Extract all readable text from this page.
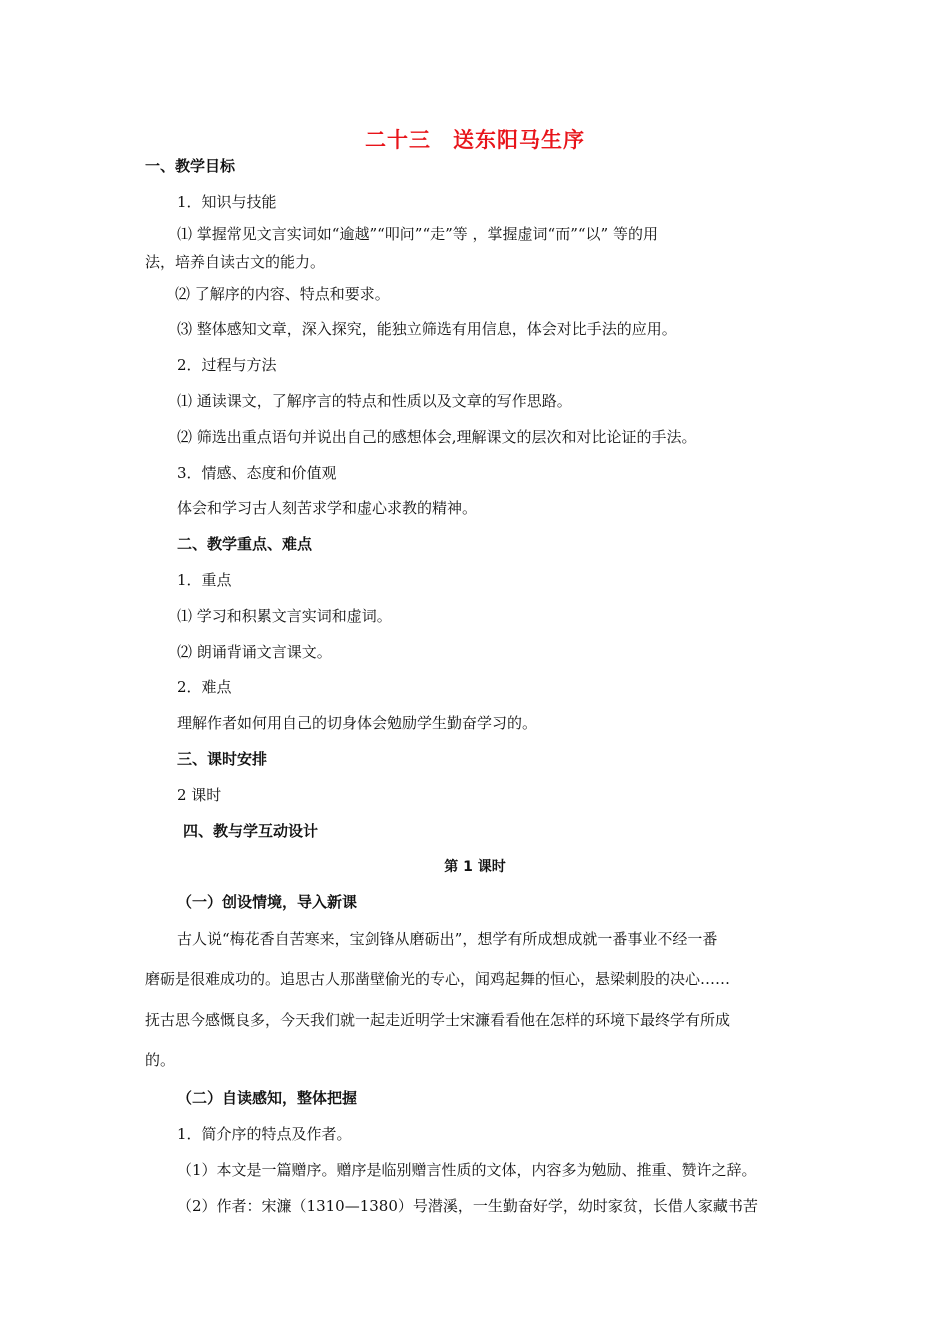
二十三　送东阳马生序
一、教学目标
1．知识与技能
⑴ 掌握常见文言实词如“逾越”“叩问”“走”等 ，掌握虚词“而”“以” 等的用
法，培养自读古文的能力。
⑵ 了解序的内容、特点和要求。
⑶ 整体感知文章，深入探究，能独立筛选有用信息，体会对比手法的应用。
2．过程与方法
⑴ 通读课文，了解序言的特点和性质以及文章的写作思路。
⑵ 筛选出重点语句并说出自己的感想体会,理解课文的层次和对比论证的手法。
3．情感、态度和价值观
体会和学习古人刻苦求学和虚心求教的精神。
二、教学重点、难点
1．重点
⑴ 学习和积累文言实词和虚词。
⑵ 朗诵背诵文言课文。
2．难点
理解作者如何用自己的切身体会勉励学生勤奋学习的。
三、课时安排
2 课时
四、教与学互动设计
第 1 课时
（一）创设情境，导入新课
古人说“梅花香自苦寒来，宝剑锋从磨砺出”，想学有所成想成就一番事业不经一番
磨砺是很难成功的。追思古人那凿壁偷光的专心，闻鸡起舞的恒心，悬梁刺股的决心……
抚古思今感慨良多，今天我们就一起走近明学士宋濂看看他在怎样的环境下最终学有所成
的。
（二）自读感知，整体把握
1．简介序的特点及作者。
（1）本文是一篇赠序。赠序是临别赠言性质的文体，内容多为勉励、推重、赞许之辞。
（2）作者：宋濂（1310—1380）号潜溪，一生勤奋好学，幼时家贫，长借人家藏书苦
